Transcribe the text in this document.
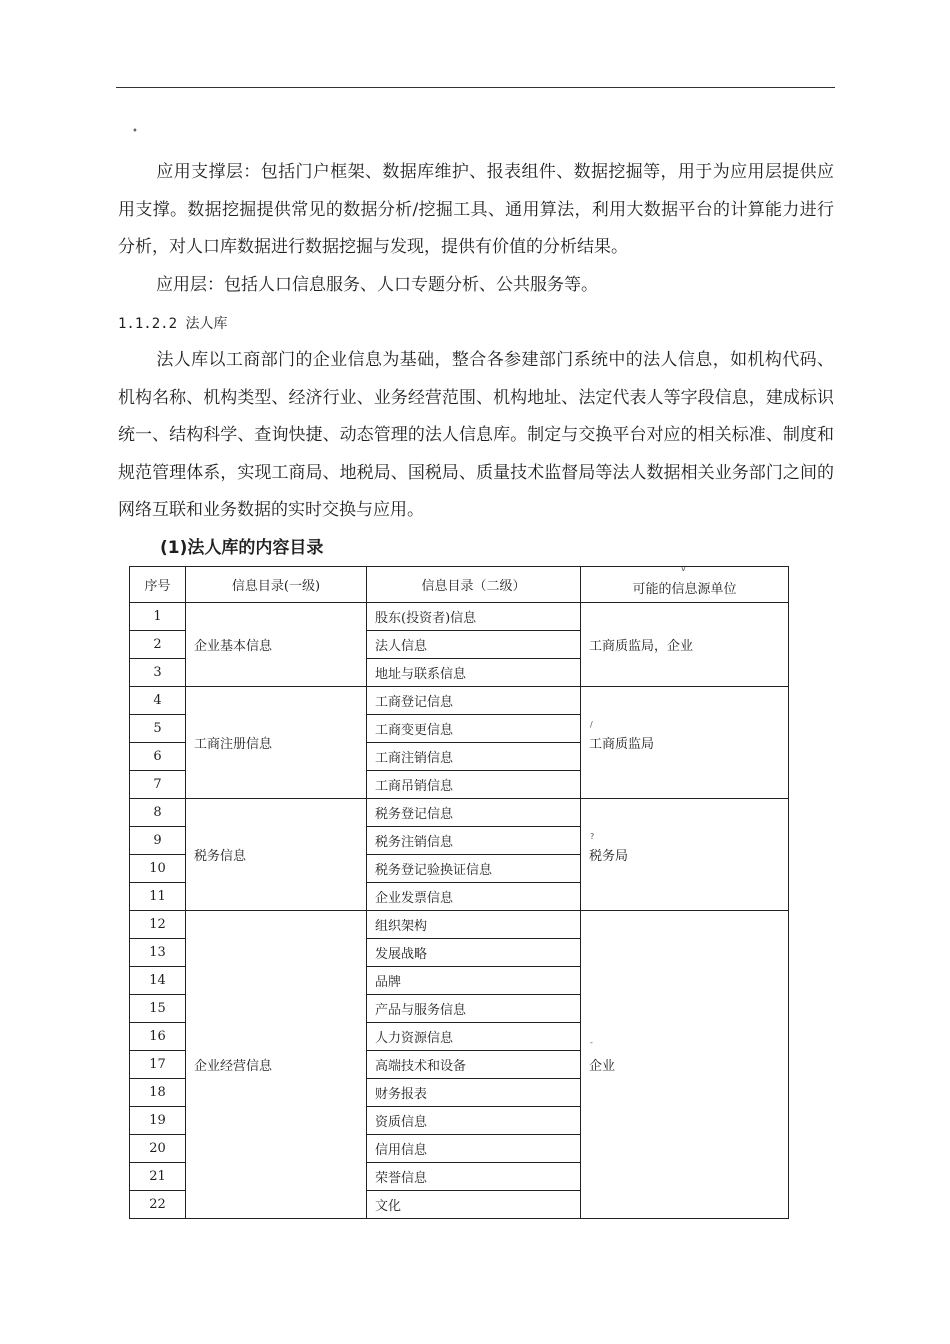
•

应用支撑层：包括门户框架、数据库维护、报表组件、数据挖掘等，用于为应用层提供应用支撑。数据挖掘提供常见的数据分析/挖掘工具、通用算法，利用大数据平台的计算能力进行分析，对人口库数据进行数据挖掘与发现，提供有价值的分析结果。

应用层：包括人口信息服务、人口专题分析、公共服务等。

1.1.2.2 法人库

法人库以工商部门的企业信息为基础，整合各参建部门系统中的法人信息，如机构代码、机构名称、机构类型、经济行业、业务经营范围、机构地址、法定代表人等字段信息，建成标识统一、结构科学、查询快捷、动态管理的法人信息库。制定与交换平台对应的相关标准、制度和规范管理体系，实现工商局、地税局、国税局、质量技术监督局等法人数据相关业务部门之间的网络互联和业务数据的实时交换与应用。

(1)法人库的内容目录
v
/
?
-
序号	信息目录(一级)	信息目录（二级）	可能的信息源单位
1	企业基本信息	股东(投资者)信息	工商质监局，企业
2		法人信息	
3		地址与联系信息	
4	工商注册信息	工商登记信息	工商质监局
5		工商变更信息	
6		工商注销信息	
7		工商吊销信息	
8	税务信息	税务登记信息	税务局
9		税务注销信息	
10		税务登记验换证信息	
11		企业发票信息	
12	企业经营信息	组织架构	企业
13		发展战略	
14		品牌	
15		产品与服务信息	
16		人力资源信息	
17		高端技术和设备	
18		财务报表	
19		资质信息	
20		信用信息	
21		荣誉信息	
22		文化	
